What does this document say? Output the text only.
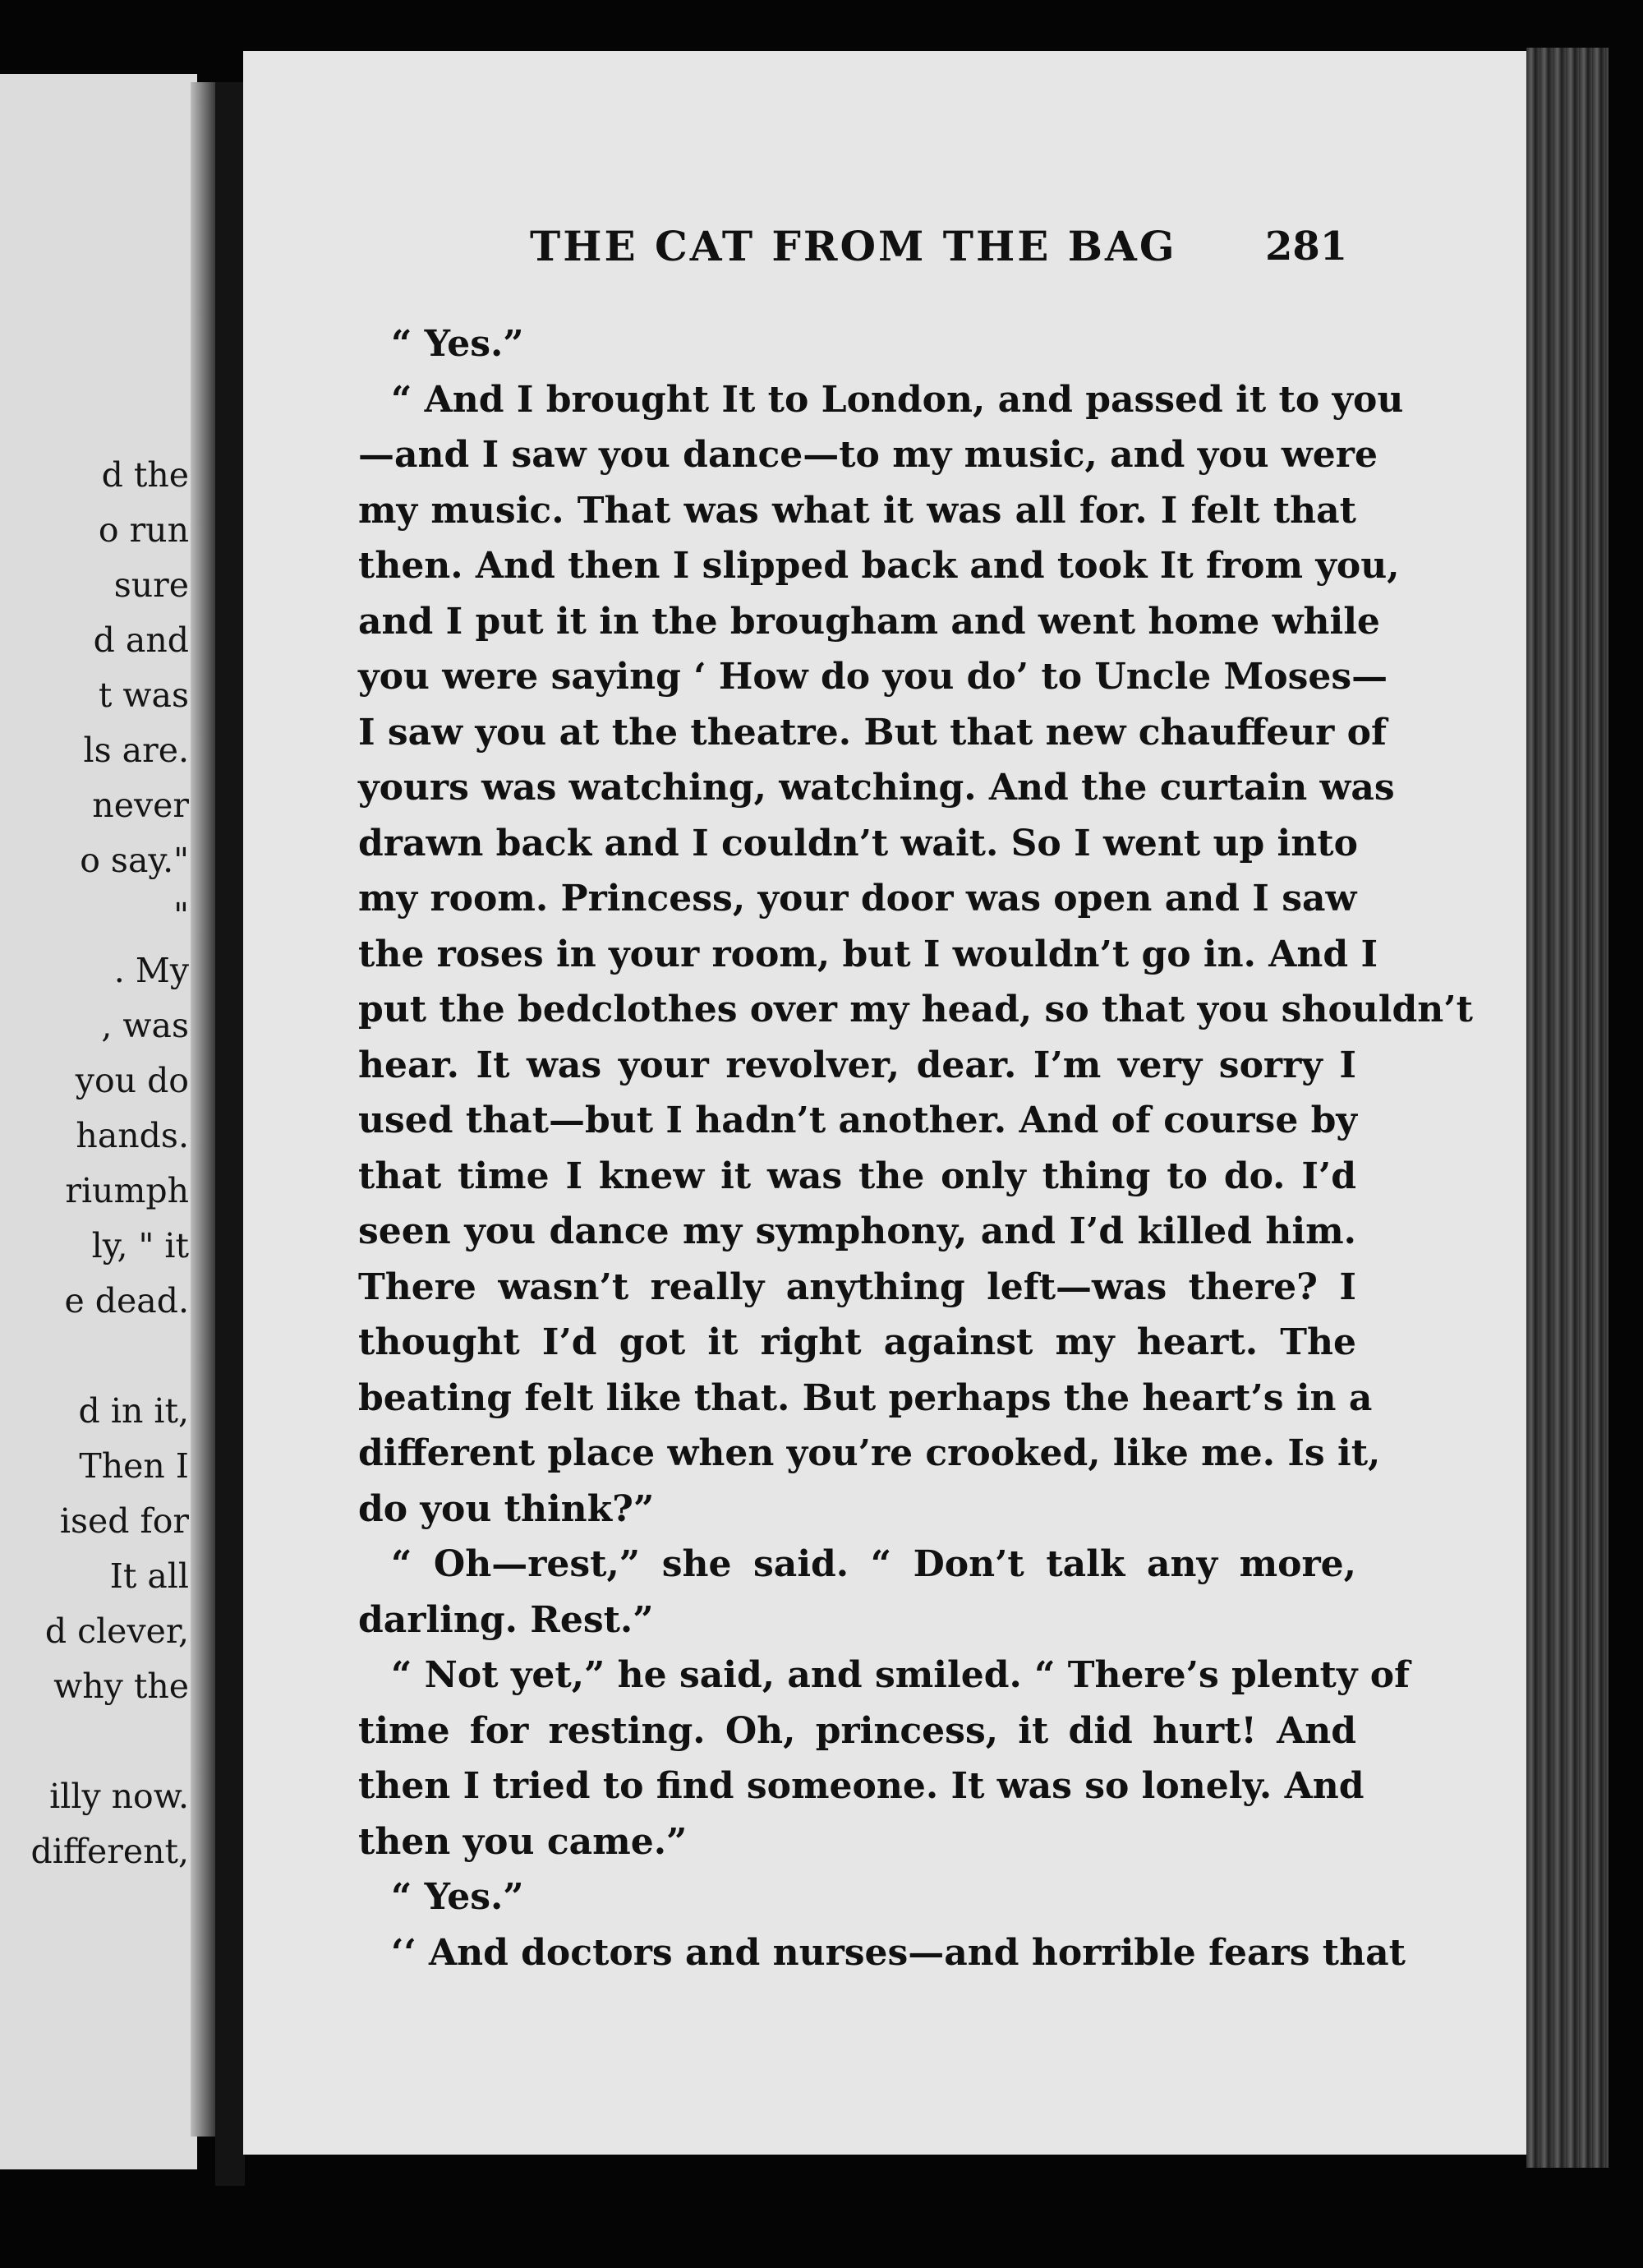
d the
o run
sure
d and
t was
ls are.
never
o say."
"
. My
, was
you do
hands.
riumph
ly, " it
e dead.
d in it,
Then I
ised for
It all
d clever,
why the
illy now.
different,
THE CAT FROM THE BAG 281
“ Yes.”
“ And I brought It to London, and passed it to you
—and I saw you dance—to my music, and you were
my music. That was what it was all for. I felt that
then. And then I slipped back and took It from you,
and I put it in the brougham and went home while
you were saying ‘ How do you do’ to Uncle Moses—
I saw you at the theatre. But that new chauffeur of
yours was watching, watching. And the curtain was
drawn back and I couldn’t wait. So I went up into
my room. Princess, your door was open and I saw
the roses in your room, but I wouldn’t go in. And I
put the bedclothes over my head, so that you shouldn’t
hear. It was your revolver, dear. I’m very sorry I
used that—but I hadn’t another. And of course by
that time I knew it was the only thing to do. I’d
seen you dance my symphony, and I’d killed him.
There wasn’t really anything left—was there? I
thought I’d got it right against my heart. The
beating felt like that. But perhaps the heart’s in a
different place when you’re crooked, like me. Is it,
do you think?”
“ Oh—rest,” she said. “ Don’t talk any more,
darling. Rest.”
“ Not yet,” he said, and smiled. “ There’s plenty of
time for resting. Oh, princess, it did hurt! And
then I tried to find someone. It was so lonely. And
then you came.”
“ Yes.”
‘‘ And doctors and nurses—and horrible fears that
